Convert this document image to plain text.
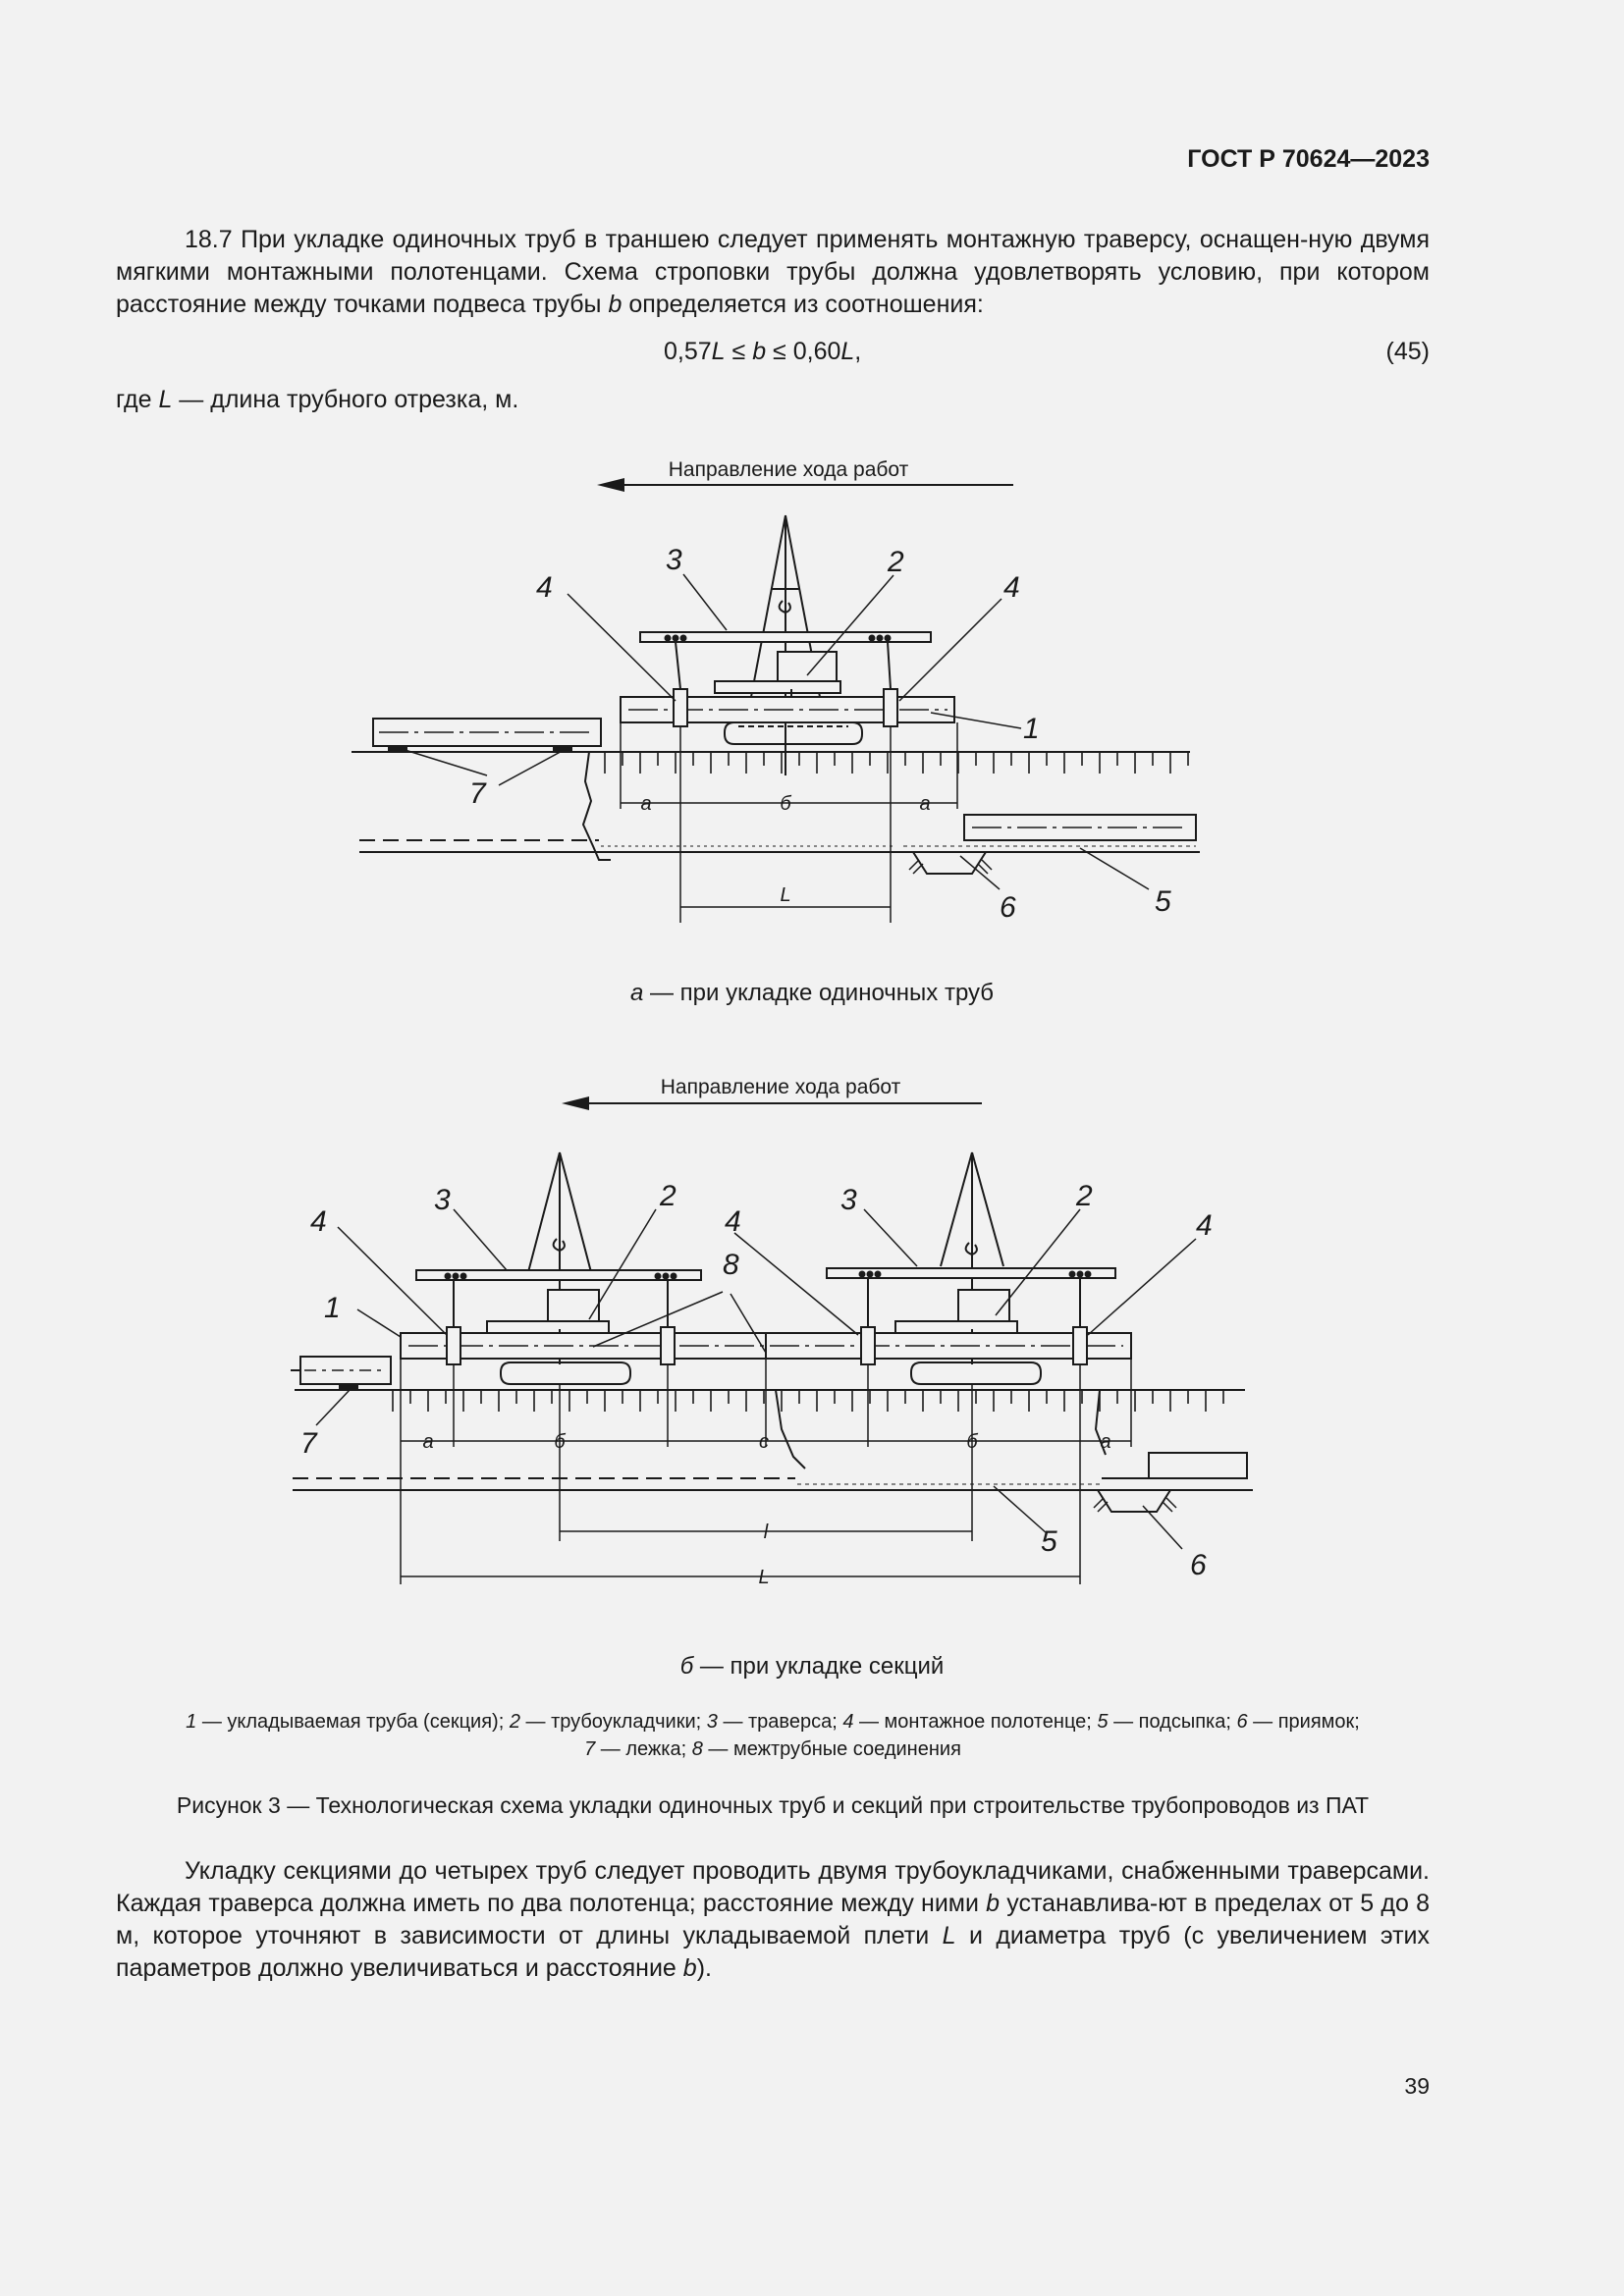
ГОСТ Р 70624—2023
18.7 При укладке одиночных труб в траншею следует применять монтажную траверсу, оснащен-ную двумя мягкими монтажными полотенцами. Схема строповки трубы должна удовлетворять условию, при котором расстояние между точками подвеса трубы b определяется из соотношения:
0,57L ≤ b ≤ 0,60L,	(45)
где L — длина трубного отрезка, м.
Направление хода работ
а	б	а
L
3	2
4	4
1
7
6	5
а — при укладке одиночных труб
Направление хода работ
а	б	с	б	а
l
L
4
3	2
4
3	2
4
8
1
7
5
6
б — при укладке секций
1 — укладываемая труба (секция); 2 — трубоукладчики; 3 — траверса; 4 — монтажное полотенце; 5 — подсыпка; 6 — приямок;
7 — лежка; 8 — межтрубные соединения
Рисунок 3 — Технологическая схема укладки одиночных труб и секций при строительстве трубопроводов из ПАТ
Укладку секциями до четырех труб следует проводить двумя трубоукладчиками, снабженными траверсами. Каждая траверса должна иметь по два полотенца; расстояние между ними b устанавлива-ют в пределах от 5 до 8 м, которое уточняют в зависимости от длины укладываемой плети L и диаметра труб (с увеличением этих параметров должно увеличиваться и расстояние b).
39
